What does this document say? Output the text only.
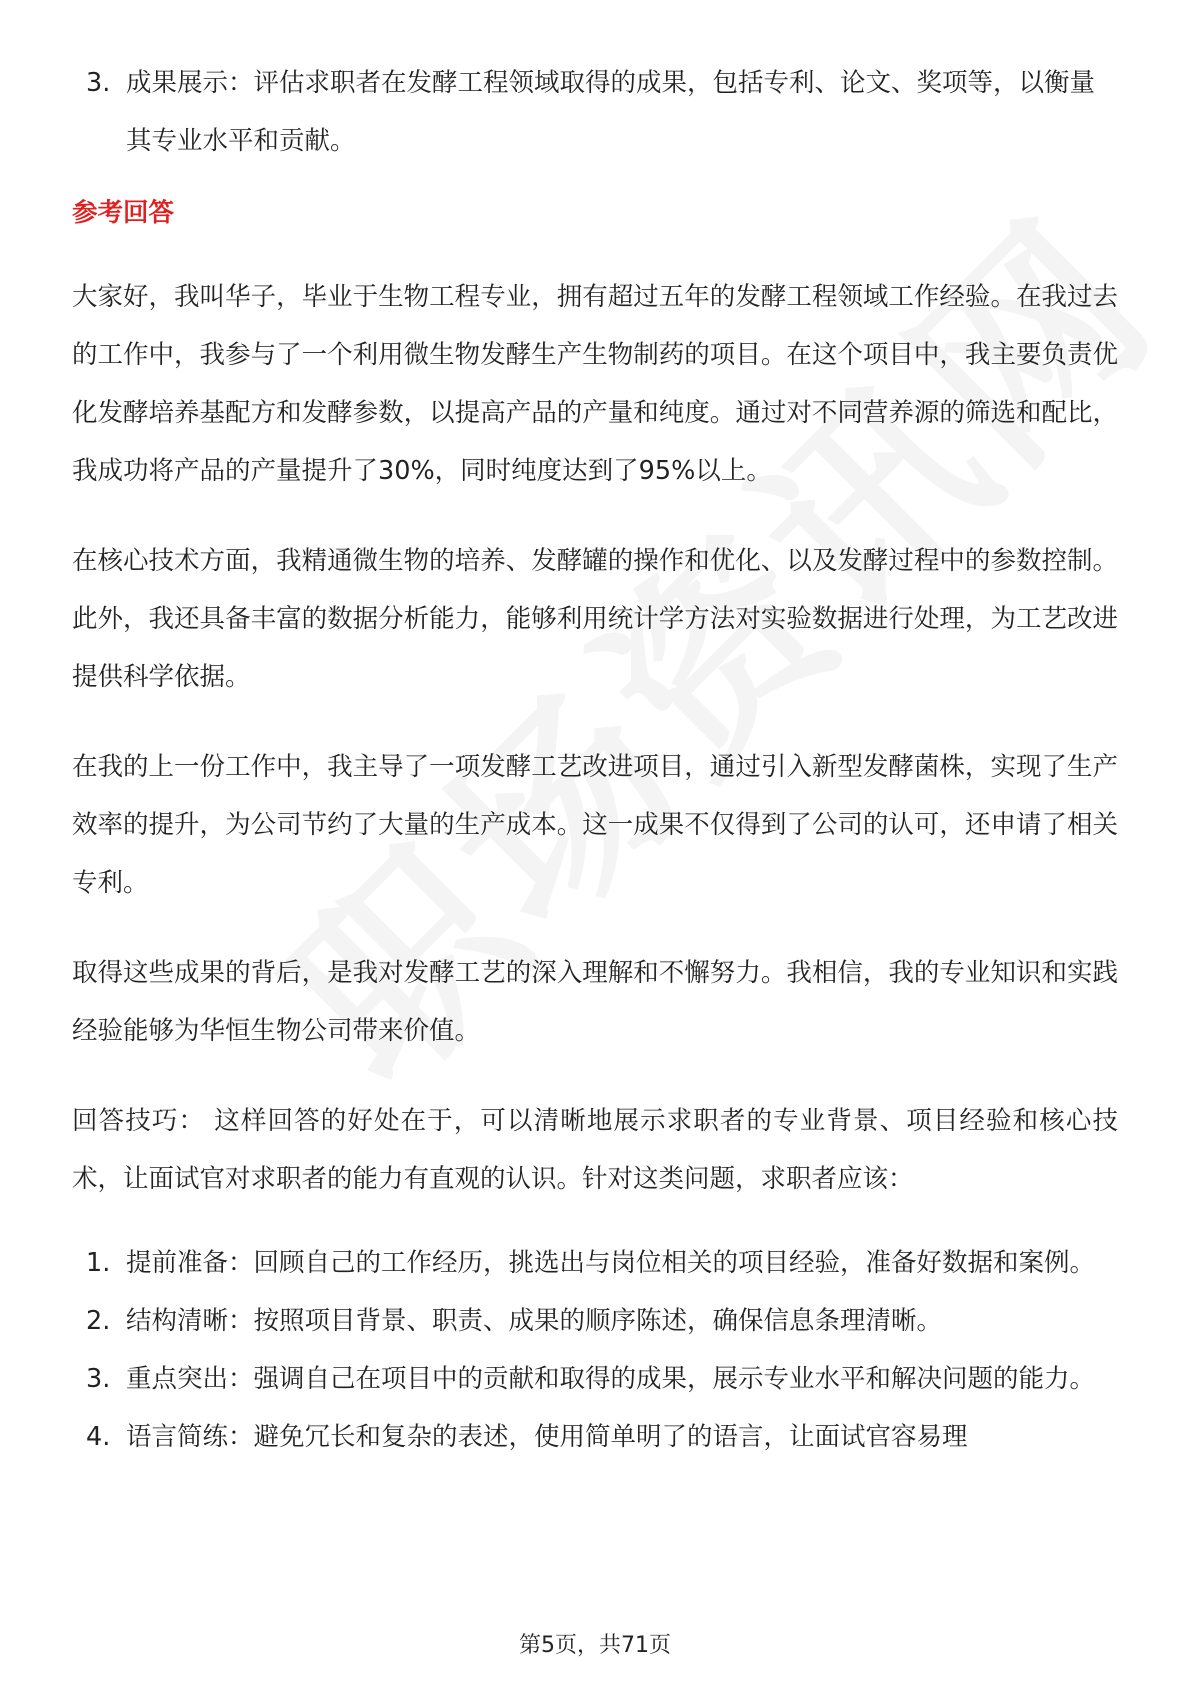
3. 成果展示：评估求职者在发酵工程领域取得的成果，包括专利、论文、奖项等，以衡量其专业水平和贡献。
参考回答

大家好，我叫华子，毕业于生物工程专业，拥有超过五年的发酵工程领域工作经验。在我过去的工作中，我参与了一个利用微生物发酵生产生物制药的项目。在这个项目中，我主要负责优化发酵培养基配方和发酵参数，以提高产品的产量和纯度。通过对不同营养源的筛选和配比，我成功将产品的产量提升了30%，同时纯度达到了95%以上。

在核心技术方面，我精通微生物的培养、发酵罐的操作和优化、以及发酵过程中的参数控制。此外，我还具备丰富的数据分析能力，能够利用统计学方法对实验数据进行处理，为工艺改进提供科学依据。

在我的上一份工作中，我主导了一项发酵工艺改进项目，通过引入新型发酵菌株，实现了生产效率的提升，为公司节约了大量的生产成本。这一成果不仅得到了公司的认可，还申请了相关专利。

取得这些成果的背后，是我对发酵工艺的深入理解和不懈努力。我相信，我的专业知识和实践经验能够为华恒生物公司带来价值。

回答技巧： 这样回答的好处在于，可以清晰地展示求职者的专业背景、项目经验和核心技术，让面试官对求职者的能力有直观的认识。针对这类问题，求职者应该：

1. 提前准备：回顾自己的工作经历，挑选出与岗位相关的项目经验，准备好数据和案例。
2. 结构清晰：按照项目背景、职责、成果的顺序陈述，确保信息条理清晰。
3. 重点突出：强调自己在项目中的贡献和取得的成果，展示专业水平和解决问题的能力。
4. 语言简练：避免冗长和复杂的表述，使用简单明了的语言，让面试官容易理
第5页，共71页
